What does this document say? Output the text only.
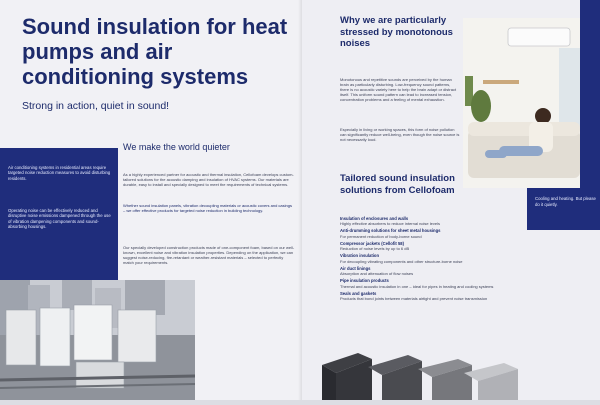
Sound insulation for heat pumps and air conditioning systems
Strong in action, quiet in sound!

Air conditioning systems in residential areas require targeted noise reduction measures to avoid disturbing residents.

Operating noise can be effectively reduced and disruptive noise emissions dampened through the use of vibration dampening components and sound-absorbing housings.

We make the world quieter

As a highly experienced partner for acoustic and thermal insulation, Cellofoam develops custom-tailored solutions for the acoustic damping and insulation of HVAC systems. Our materials are durable, easy to install and specially designed to meet the requirements of technical systems.

Whether sound insulation panels, vibration decoupling materials or acoustic covers and casings – we offer effective products for targeted noise reduction in building technology.

Our specially developed construction products made of one-component foam, based on our well-known, excellent noise and vibration insulation properties. Depending on the application, we can suggest noise-reducing, fire-retardant or weather-resistant materials – selected to perfectly match your requirements.

Why we are particularly stressed by monotonous noises

Monotonous and repetitive sounds are perceived by the human brain as particularly disturbing. Low-frequency sound patterns, there is no acoustic variety here to help the brain adapt or distract itself. This uniform sound pattern can lead to increased tension, concentration problems and a feeling of mental exhaustion.

Especially in living or working spaces, this form of noise pollution can significantly reduce well-being, even though the noise source is not necessarily loud.

Cooling and heating. But please do it quietly.

Tailored sound insulation solutions from Cellofoam
Insulation of enclosures and walls
Highly effective absorbers to reduce internal noise levels
Anti-drumming solutions for sheet metal housings
For permanent reduction of body-borne sound
Compressor jackets (Cellofit 58)
Reduction of noise levels by up to 6 dB
Vibration insulation
For decoupling vibrating components and other structure-borne noise
Air duct linings
Absorption and attenuation of flow noises
Pipe insulation products
Thermal and acoustic insulation in one – ideal for pipes in heating and cooling systems
Seals and gaskets
Products that bond joints between materials airtight and prevent noise transmission
